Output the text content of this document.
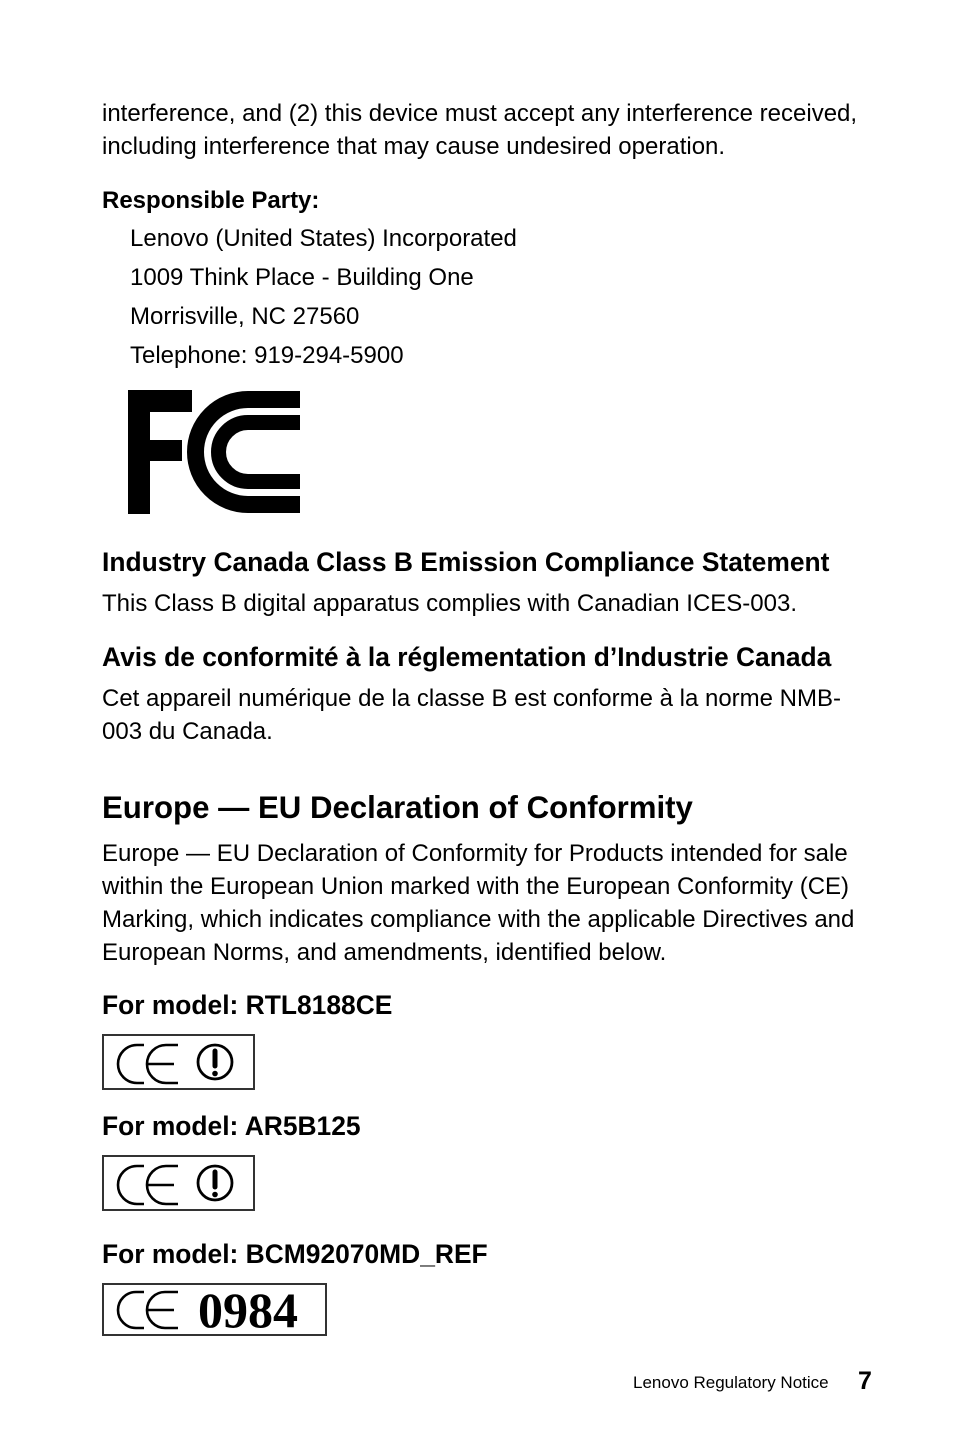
interference, and (2) this device must accept any interference received,
including interference that may cause undesired operation.
Responsible Party:
Lenovo (United States) Incorporated
1009 Think Place - Building One
Morrisville, NC 27560
Telephone: 919-294-5900
Industry Canada Class B Emission Compliance Statement
This Class B digital apparatus complies with Canadian ICES-003.
Avis de conformité à la réglementation d’Industrie Canada
Cet appareil numérique de la classe B est conforme à la norme NMB-
003 du Canada.
Europe — EU Declaration of Conformity
Europe — EU Declaration of Conformity for Products intended for sale
within the European Union marked with the European Conformity (CE)
Marking, which indicates compliance with the applicable Directives and
European Norms, and amendments, identified below.
For model: RTL8188CE
For model: AR5B125
For model: BCM92070MD_REF
0984
Lenovo Regulatory Notice 7
